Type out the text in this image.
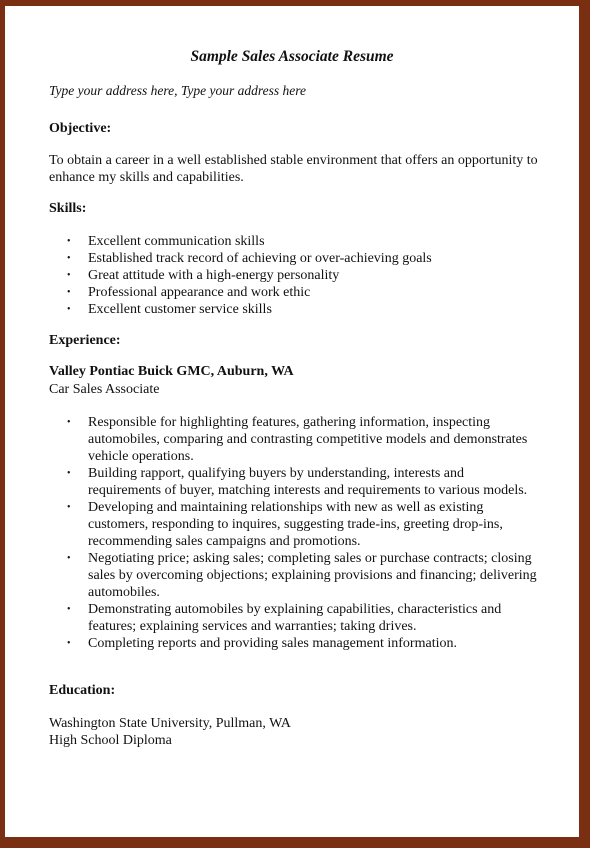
Sample Sales Associate Resume
Type your address here, Type your address here
Objective:
To obtain a career in a well established stable environment that offers an opportunity to enhance my skills and capabilities.
Skills:
• Excellent communication skills
• Established track record of achieving or over-achieving goals
• Great attitude with a high-energy personality
• Professional appearance and work ethic
• Excellent customer service skills
Experience:
Valley Pontiac Buick GMC, Auburn, WA
Car Sales Associate
• Responsible for highlighting features, gathering information, inspecting automobiles, comparing and contrasting competitive models and demonstrates vehicle operations.
• Building rapport, qualifying buyers by understanding, interests and requirements of buyer, matching interests and requirements to various models.
• Developing and maintaining relationships with new as well as existing customers, responding to inquires, suggesting trade-ins, greeting drop-ins, recommending sales campaigns and promotions.
• Negotiating price; asking sales; completing sales or purchase contracts; closing sales by overcoming objections; explaining provisions and financing; delivering automobiles.
• Demonstrating automobiles by explaining capabilities, characteristics and features; explaining services and warranties; taking drives.
• Completing reports and providing sales management information.
Education:
Washington State University, Pullman, WA
High School Diploma
